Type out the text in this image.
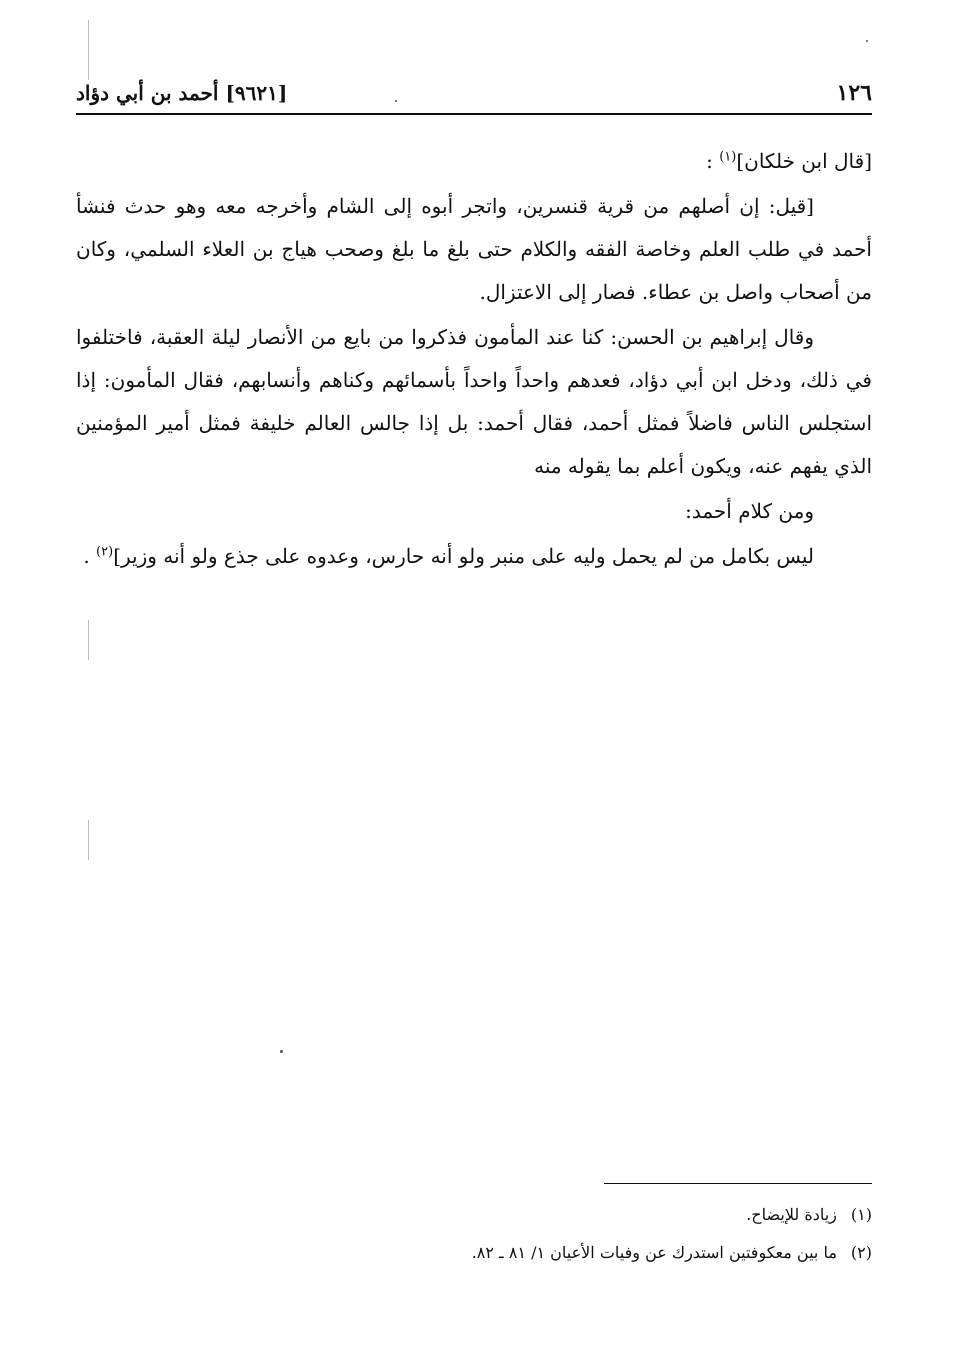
١٢٦
[٩٦٢١] أحمد بن أبي دؤاد

[قال ابن خلكان]$^{(١)}$ :

[قيل: إن أصلهم من قرية قنسرين، واتجر أبوه إلى الشام وأخرجه معه وهو حدث فنشأ أحمد في طلب العلم وخاصة الفقه والكلام حتى بلغ ما بلغ وصحب هياج بن العلاء السلمي، وكان من أصحاب واصل بن عطاء. فصار إلى الاعتزال.

وقال إبراهيم بن الحسن: كنا عند المأمون فذكروا من بايع من الأنصار ليلة العقبة، فاختلفوا في ذلك، ودخل ابن أبي دؤاد، فعدهم واحداً واحداً بأسمائهم وكناهم وأنسابهم، فقال المأمون: إذا استجلس الناس فاضلاً فمثل أحمد، فقال أحمد: بل إذا جالس العالم خليفة فمثل أمير المؤمنين الذي يفهم عنه، ويكون أعلم بما يقوله منه

ومن كلام أحمد:

ليس بكامل من لم يحمل وليه على منبر ولو أنه حارس، وعدوه على جذع ولو أنه وزير]$^{(٢)}$ .

(١)
زيادة للإيضاح.
(٢)
ما بين معكوفتين استدرك عن وفيات الأعيان ١/ ٨١ ـ ٨٢.
